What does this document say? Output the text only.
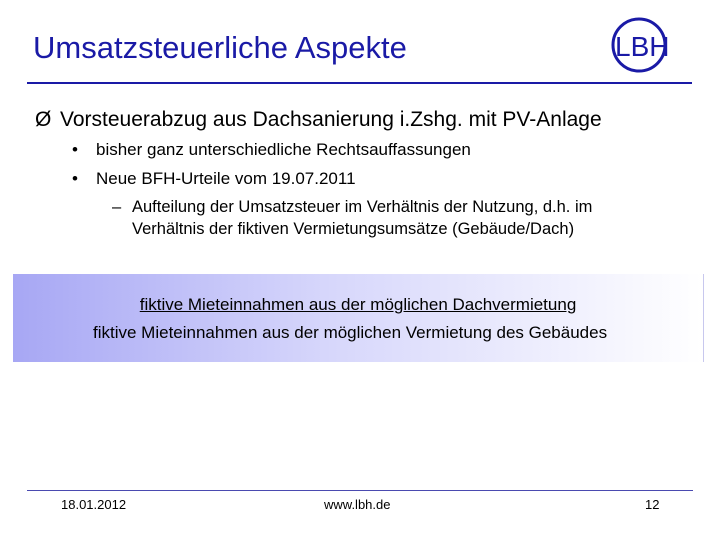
Umsatzsteuerliche Aspekte	LBH
Ø Vorsteuerabzug aus Dachsanierung i.Zshg. mit PV-Anlage
• bisher ganz unterschiedliche Rechtsauffassungen
• Neue BFH-Urteile vom 19.07.2011
– Aufteilung der Umsatzsteuer im Verhältnis der Nutzung, d.h. im
Verhältnis der fiktiven Vermietungsumsätze (Gebäude/Dach)
fiktive Mieteinnahmen aus der möglichen Dachvermietung
fiktive Mieteinnahmen aus der möglichen Vermietung des Gebäudes
18.01.2012	www.lbh.de	12
